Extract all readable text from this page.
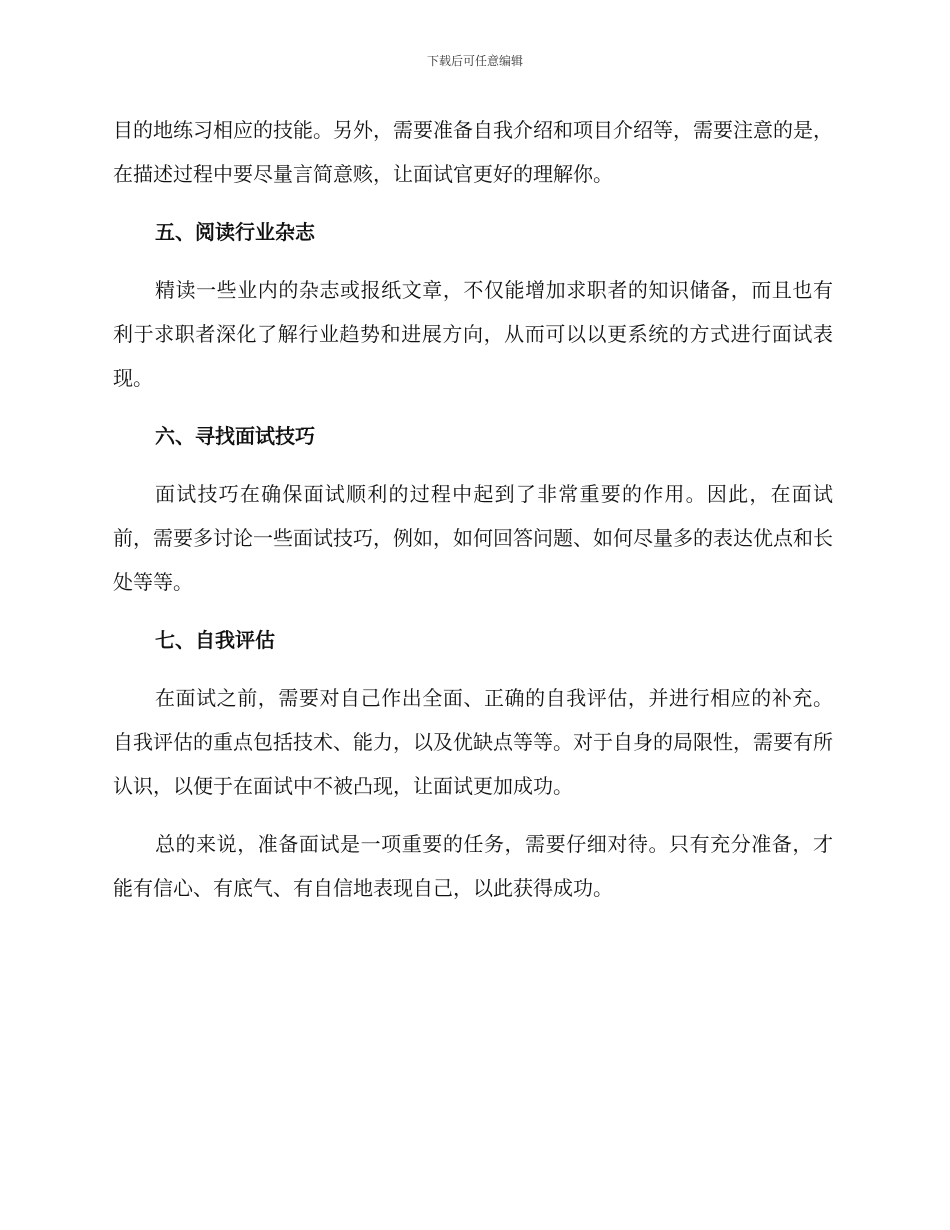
下载后可任意编辑

目的地练习相应的技能。另外，需要准备自我介绍和项目介绍等，需要注意的是，在描述过程中要尽量言简意赅，让面试官更好的理解你。

五、阅读行业杂志

精读一些业内的杂志或报纸文章，不仅能增加求职者的知识储备，而且也有利于求职者深化了解行业趋势和进展方向，从而可以以更系统的方式进行面试表现。

六、寻找面试技巧

面试技巧在确保面试顺利的过程中起到了非常重要的作用。因此，在面试前，需要多讨论一些面试技巧，例如，如何回答问题、如何尽量多的表达优点和长处等等。

七、自我评估

在面试之前，需要对自己作出全面、正确的自我评估，并进行相应的补充。自我评估的重点包括技术、能力，以及优缺点等等。对于自身的局限性，需要有所认识，以便于在面试中不被凸现，让面试更加成功。

总的来说，准备面试是一项重要的任务，需要仔细对待。只有充分准备，才能有信心、有底气、有自信地表现自己，以此获得成功。
